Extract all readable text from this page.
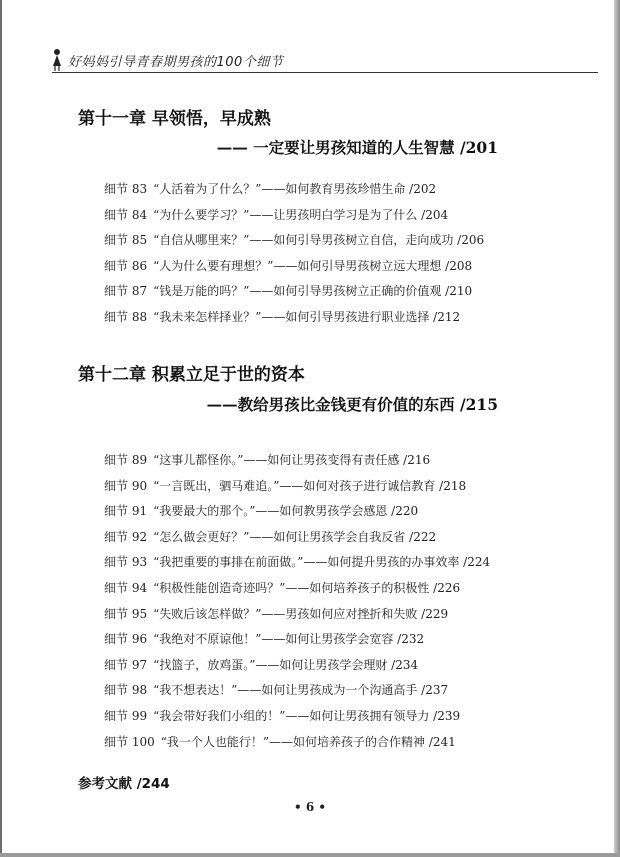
好妈妈引导青春期男孩的100个细节
第十一章 早领悟，早成熟
—— 一定要让男孩知道的人生智慧 /201
细节 83 “人活着为了什么？”——如何教育男孩珍惜生命 /202
细节 84 “为什么要学习？”——让男孩明白学习是为了什么 /204
细节 85 “自信从哪里来？”——如何引导男孩树立自信，走向成功 /206
细节 86 “人为什么要有理想？”——如何引导男孩树立远大理想 /208
细节 87 “钱是万能的吗？”——如何引导男孩树立正确的价值观 /210
细节 88 “我未来怎样择业？”——如何引导男孩进行职业选择 /212
第十二章 积累立足于世的资本
——教给男孩比金钱更有价值的东西 /215
细节 89 “这事儿都怪你。”——如何让男孩变得有责任感 /216
细节 90 “一言既出，驷马难追。”——如何对孩子进行诚信教育 /218
细节 91 “我要最大的那个。”——如何教男孩学会感恩 /220
细节 92 “怎么做会更好？”——如何让男孩学会自我反省 /222
细节 93 “我把重要的事排在前面做。”——如何提升男孩的办事效率 /224
细节 94 “积极性能创造奇迹吗？”——如何培养孩子的积极性 /226
细节 95 “失败后该怎样做？”——男孩如何应对挫折和失败 /229
细节 96 “我绝对不原谅他！”——如何让男孩学会宽容 /232
细节 97 “找篮子，放鸡蛋。”——如何让男孩学会理财 /234
细节 98 “我不想表达！”——如何让男孩成为一个沟通高手 /237
细节 99 “我会带好我们小组的！”——如何让男孩拥有领导力 /239
细节 100 “我一个人也能行！”——如何培养孩子的合作精神 /241
参考文献 /244
• 6 •
